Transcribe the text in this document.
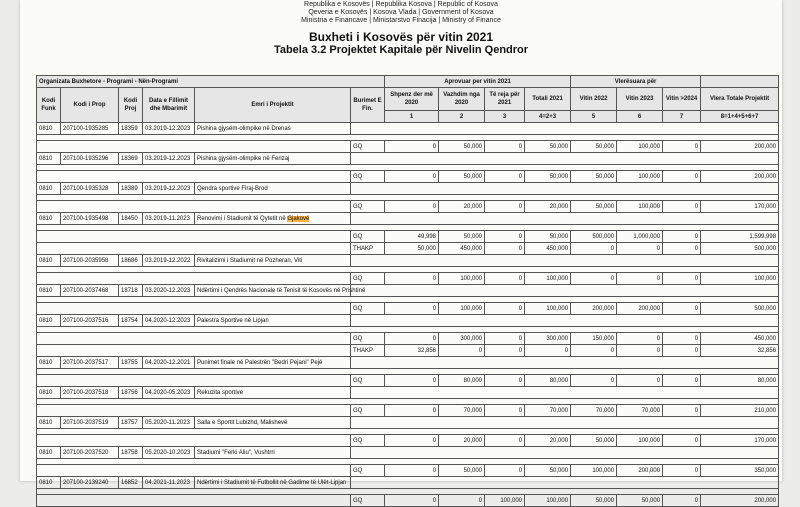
Republika e Kosovës | Republika Kosova | Republic of Kosova
Qeveria e Kosovës | Kosova Vlada | Government of Kosova
Ministria e Financave | Ministarstvo Finacija | Ministry of Finance
Buxheti i Kosovës për vitin 2021
Tabela 3.2 Projektet Kapitale për Nivelin Qendror
Organizata Buxhetore - Programi - Nën-Programi						Aprovuar per vitin 2021				Vlerësuara për			
Kodi Funk	Kodi i Prop	Kodi Proj	Data e Fillimit dhe Mbarimit	Emri i Projektit	Burimet E Fin.	Shpenz der më 2020	Vazhdim nga 2020	Të reja për 2021	Totali 2021	Vitin 2022	Vitin 2023	Vitin >2024	Vlera Totale Projektit
						1	2	3	4=2+3	5	6	7	8=1+4+5+6+7
0810	207100-1935285	18359	03.2019-12.2023	Pishina gjysëm-olimpike në Drenas									

					GQ	0	50,000	0	50,000	50,000	100,000	0	200,000
0810	207100-1935296	18369	03.2019-12.2023	Pishina gjysëm-olimpike në Ferizaj									

					GQ	0	50,000	0	50,000	50,000	100,000	0	200,000
0810	207100-1935328	18389	03.2019-12.2023	Qendra sportive Firaj-Brod									

					GQ	0	20,000	0	20,000	50,000	100,000	0	170,000
0810	207100-1935498	18450	03.2019-11.2023	Renovimi i Stadiumit të Qytetit në Gjakovë									

					GQ	49,998	50,000	0	50,000	500,000	1,000,000	0	1,599,998
					THAKP	50,000	450,000	0	450,000	0	0	0	500,000
0810	207100-2035958	18686	03.2019-12.2022	Rivitalizimi i Stadiumit në Pozheran, Viti									

					GQ	0	100,000	0	100,000	0	0	0	100,000
0810	207100-2037468	18718	03.2020-12.2023	Ndërtimi i Qendrës Nacionale të Tenisit të Kosovës në Prishtinë									

					GQ	0	100,000	0	100,000	200,000	200,000	0	500,000
0810	207100-2037516	18754	04.2020-12.2023	Palestra Sportive në Lipjan									

					GQ	0	300,000	0	300,000	150,000	0	0	450,000
					THAKP	32,856	0	0	0	0	0	0	32,856
0810	207100-2037517	18755	04.2020-12.2021	Punimet finale në Palestrën "Bedri Pejani" Pejë									

					GQ	0	80,000	0	80,000	0	0	0	80,000
0810	207100-2037518	18756	04.2020-05.2023	Rekuzita sportive									

					GQ	0	70,000	0	70,000	70,000	70,000	0	210,000
0810	207100-2037519	18757	05.2020-11.2023	Salla e Sportit Lubizhd, Malishevë									

					GQ	0	20,000	0	20,000	50,000	100,000	0	170,000
0810	207100-2037520	18758	05.2020-10.2023	Stadiumi "Ferki Aliu", Vushtrri									

					GQ	0	50,000	0	50,000	100,000	200,000	0	350,000
0810	207100-2139240	16852	04.2021-11.2023	Ndërtimi i Stadiumit të Futbollit në Gadime të Ulët-Lipjan									

					GQ	0	0	100,000	100,000	50,000	50,000	0	200,000
